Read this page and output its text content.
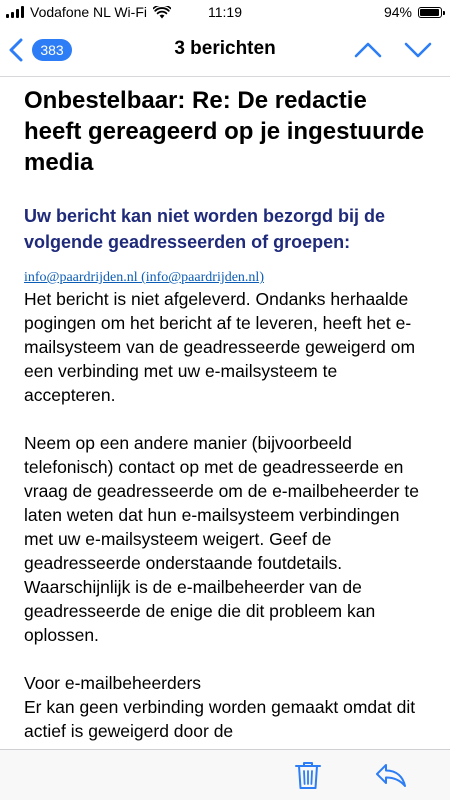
Vodafone NL Wi-Fi	11:19	94%
383	3 berichten
Onbestelbaar: Re: De redactie heeft gereageerd op je ingestuurde media
Uw bericht kan niet worden bezorgd bij de volgende geadresseerden of groepen:
info@paardrijden.nl (info@paardrijden.nl)
Het bericht is niet afgeleverd. Ondanks herhaalde pogingen om het bericht af te leveren, heeft het e-mailsysteem van de geadresseerde geweigerd om een verbinding met uw e-mailsysteem te accepteren.
Neem op een andere manier (bijvoorbeeld telefonisch) contact op met de geadresseerde en vraag de geadresseerde om de e-mailbeheerder te laten weten dat hun e-mailsysteem verbindingen met uw e-mailsysteem weigert. Geef de geadresseerde onderstaande foutdetails. Waarschijnlijk is de e-mailbeheerder van de geadresseerde de enige die dit probleem kan oplossen.
Voor e-mailbeheerders
Er kan geen verbinding worden gemaakt omdat dit actief is geweigerd door de
